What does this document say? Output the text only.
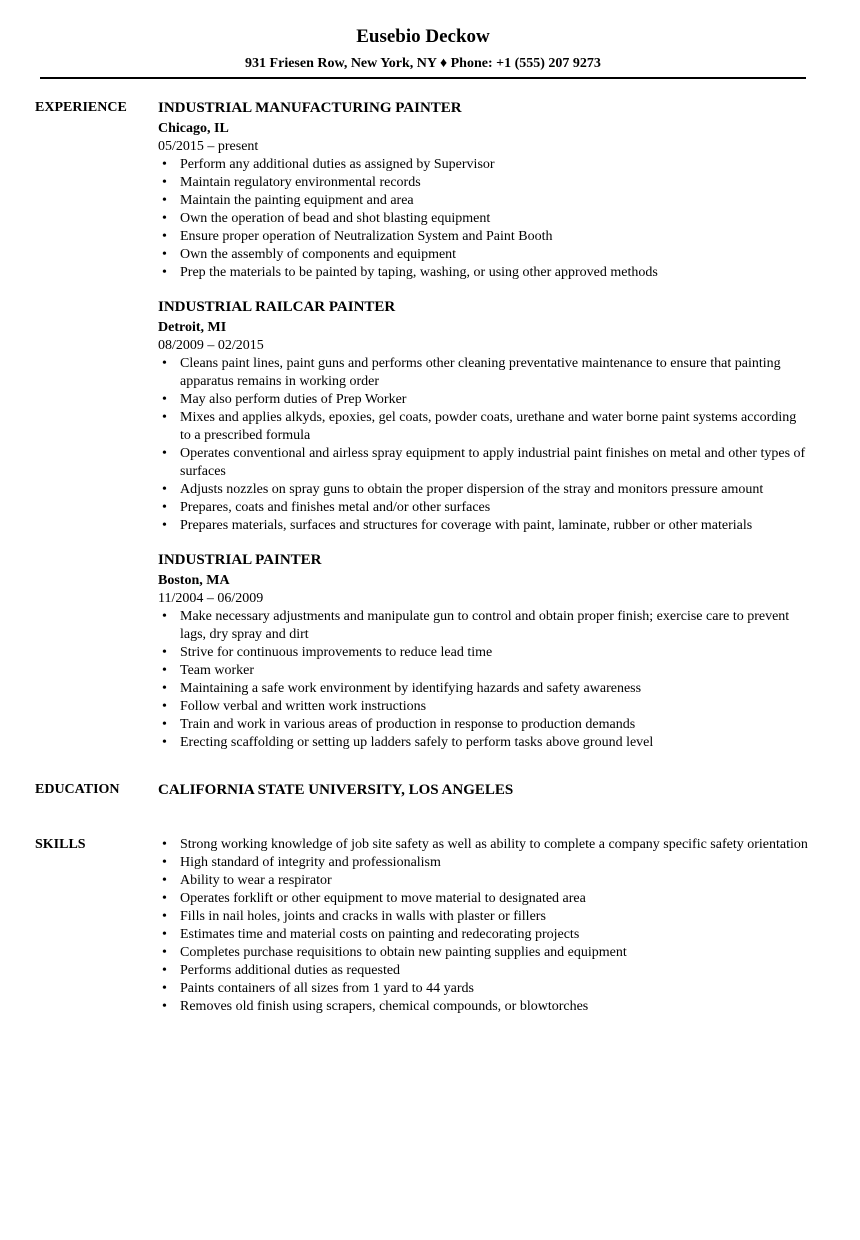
Eusebio Deckow
931 Friesen Row, New York, NY ♦ Phone: +1 (555) 207 9273
EXPERIENCE INDUSTRIAL MANUFACTURING PAINTER
Chicago, IL
05/2015 – present
• Perform any additional duties as assigned by Supervisor
• Maintain regulatory environmental records
• Maintain the painting equipment and area
• Own the operation of bead and shot blasting equipment
• Ensure proper operation of Neutralization System and Paint Booth
• Own the assembly of components and equipment
• Prep the materials to be painted by taping, washing, or using other approved methods
INDUSTRIAL RAILCAR PAINTER
Detroit, MI
08/2009 – 02/2015
• Cleans paint lines, paint guns and performs other cleaning preventative maintenance to ensure that painting apparatus remains in working order
• May also perform duties of Prep Worker
• Mixes and applies alkyds, epoxies, gel coats, powder coats, urethane and water borne paint systems according to a prescribed formula
• Operates conventional and airless spray equipment to apply industrial paint finishes on metal and other types of surfaces
• Adjusts nozzles on spray guns to obtain the proper dispersion of the stray and monitors pressure amount
• Prepares, coats and finishes metal and/or other surfaces
• Prepares materials, surfaces and structures for coverage with paint, laminate, rubber or other materials
INDUSTRIAL PAINTER
Boston, MA
11/2004 – 06/2009
• Make necessary adjustments and manipulate gun to control and obtain proper finish; exercise care to prevent lags, dry spray and dirt
• Strive for continuous improvements to reduce lead time
• Team worker
• Maintaining a safe work environment by identifying hazards and safety awareness
• Follow verbal and written work instructions
• Train and work in various areas of production in response to production demands
• Erecting scaffolding or setting up ladders safely to perform tasks above ground level
EDUCATION	CALIFORNIA STATE UNIVERSITY, LOS ANGELES
SKILLS
•	Strong working knowledge of job site safety as well as ability to complete a company specific safety orientation
• High standard of integrity and professionalism
• Ability to wear a respirator
• Operates forklift or other equipment to move material to designated area
• Fills in nail holes, joints and cracks in walls with plaster or fillers
• Estimates time and material costs on painting and redecorating projects
• Completes purchase requisitions to obtain new painting supplies and equipment
• Performs additional duties as requested
• Paints containers of all sizes from 1 yard to 44 yards
• Removes old finish using scrapers, chemical compounds, or blowtorches
